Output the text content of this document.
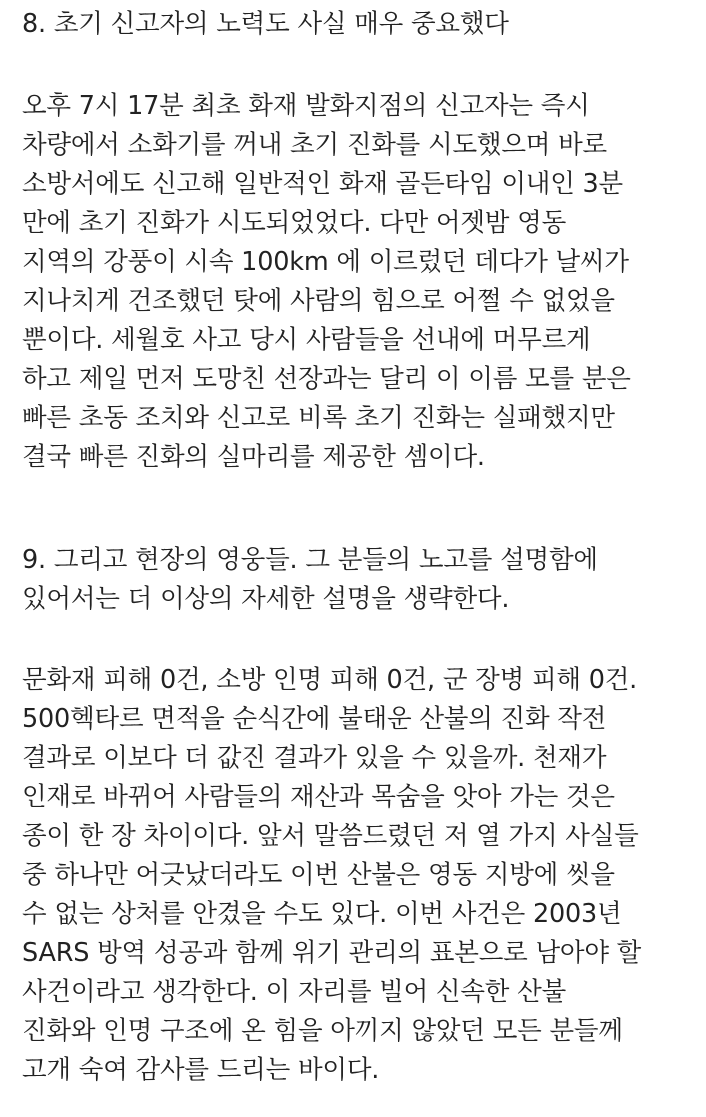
8. 초기 신고자의 노력도 사실 매우 중요했다
오후 7시 17분 최초 화재 발화지점의 신고자는 즉시
차량에서 소화기를 꺼내 초기 진화를 시도했으며 바로
소방서에도 신고해 일반적인 화재 골든타임 이내인 3분
만에 초기 진화가 시도되었었다. 다만 어젯밤 영동
지역의 강풍이 시속 100km 에 이르렀던 데다가 날씨가
지나치게 건조했던 탓에 사람의 힘으로 어쩔 수 없었을
뿐이다. 세월호 사고 당시 사람들을 선내에 머무르게
하고 제일 먼저 도망친 선장과는 달리 이 이름 모를 분은
빠른 초동 조치와 신고로 비록 초기 진화는 실패했지만
결국 빠른 진화의 실마리를 제공한 셈이다.
9. 그리고 현장의 영웅들. 그 분들의 노고를 설명함에
있어서는 더 이상의 자세한 설명을 생략한다.
문화재 피해 0건, 소방 인명 피해 0건, 군 장병 피해 0건.
500헥타르 면적을 순식간에 불태운 산불의 진화 작전
결과로 이보다 더 값진 결과가 있을 수 있을까. 천재가
인재로 바뀌어 사람들의 재산과 목숨을 앗아 가는 것은
종이 한 장 차이이다. 앞서 말씀드렸던 저 열 가지 사실들
중 하나만 어긋났더라도 이번 산불은 영동 지방에 씻을
수 없는 상처를 안겼을 수도 있다. 이번 사건은 2003년
SARS 방역 성공과 함께 위기 관리의 표본으로 남아야 할
사건이라고 생각한다. 이 자리를 빌어 신속한 산불
진화와 인명 구조에 온 힘을 아끼지 않았던 모든 분들께
고개 숙여 감사를 드리는 바이다.
